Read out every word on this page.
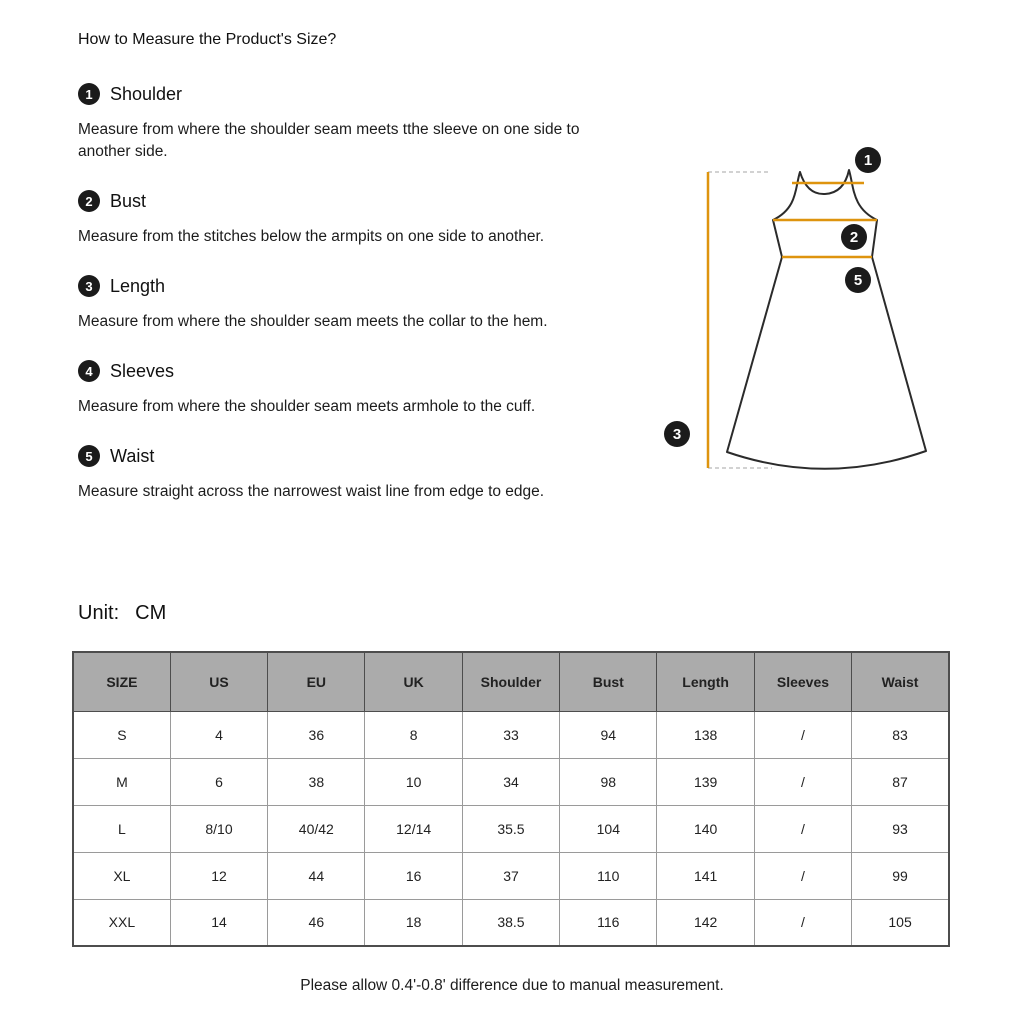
How to Measure the Product's Size?
1 Shoulder

Measure from where the shoulder seam meets tthe sleeve on one side to another side.

2 Bust

Measure from the stitches below the armpits on one side to another.

3 Length

Measure from where the shoulder seam meets the collar to the hem.

4 Sleeves

Measure from where the shoulder seam meets armhole to the cuff.

5 Waist

Measure straight across the narrowest waist line from edge to edge.

1
2
5
3
Unit: CM
SIZE	US	EU	UK	Shoulder	Bust	Length	Sleeves	Waist
S	4	36	8	33	94	138	/	83
M	6	38	10	34	98	139	/	87
L	8/10	40/42	12/14	35.5	104	140	/	93
XL	12	44	16	37	110	141	/	99
XXL	14	46	18	38.5	116	142	/	105
Please allow 0.4'-0.8' difference due to manual measurement.
